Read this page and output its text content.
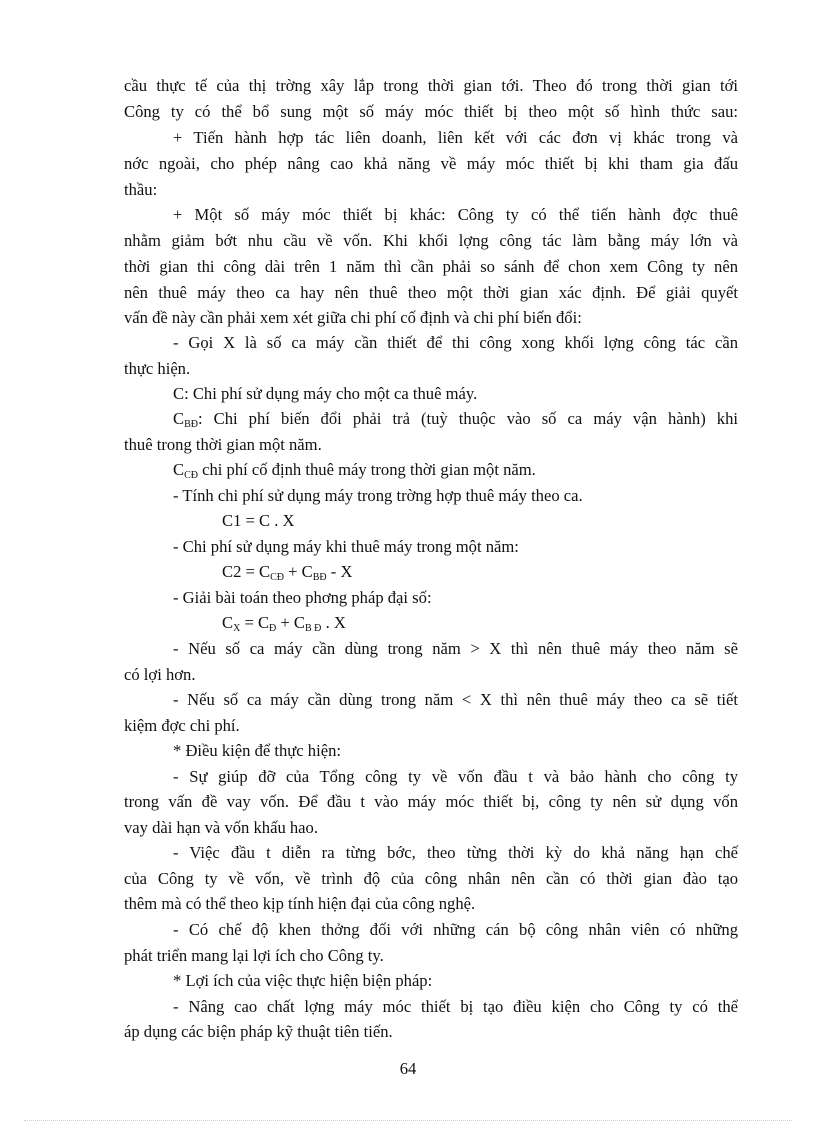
cầu thực tế của thị trờng xây lắp trong thời gian tới. Theo đó trong thời gian tới
Công ty có thể bổ sung một số máy móc thiết bị theo một số hình thức sau:
+ Tiến hành hợp tác liên doanh, liên kết với các đơn vị khác trong và
nớc ngoài, cho phép nâng cao khả năng về máy móc thiết bị khi tham gia đấu
thầu:
+ Một số máy móc thiết bị khác: Công ty có thể tiến hành đợc thuê
nhằm giảm bớt nhu cầu về vốn. Khi khối lợng công tác làm bằng máy lớn và
thời gian thi công dài trên 1 năm thì cần phải so sánh để chon xem Công ty nên
nên thuê máy theo ca hay nên thuê theo một thời gian xác định. Để giải quyết
vấn đề này cần phải xem xét giữa chi phí cố định và chi phí biến đổi:
- Gọi X là số ca máy cần thiết để thi công xong khối lợng công tác cần
thực hiện.
C: Chi phí sử dụng máy cho một ca thuê máy.
$C_{BĐ}$: Chi phí biến đổi phải trả (tuỳ thuộc vào số ca máy vận hành) khi
thuê trong thời gian một năm.
$C_{CĐ}$ chi phí cố định thuê máy trong thời gian một năm.
- Tính chi phí sử dụng máy trong trờng hợp thuê máy theo ca.
C1 = C . X
- Chi phí sử dụng máy khi thuê máy trong một năm:
$C2 = C_{CĐ} + C_{BĐ} - X$
- Giải bài toán theo phơng pháp đại số:
$C_X = C_Đ + C_{B Đ}$ . X
- Nếu số ca máy cần dùng trong năm > X thì nên thuê máy theo năm sẽ
có lợi hơn.
- Nếu số ca máy cần dùng trong năm < X thì nên thuê máy theo ca sẽ tiết
kiệm đợc chi phí.
* Điều kiện để thực hiện:
- Sự giúp đỡ của Tổng công ty về vốn đầu t và bảo hành cho công ty
trong vấn đề vay vốn. Để đầu t vào máy móc thiết bị, công ty nên sử dụng vốn
vay dài hạn và vốn khấu hao.
- Việc đầu t diễn ra từng bớc, theo từng thời kỳ do khả năng hạn chế
của Công ty về vốn, về trình độ của công nhân nên cần có thời gian đào tạo
thêm mà có thể theo kịp tính hiện đại của công nghệ.
- Có chế độ khen thởng đối với những cán bộ công nhân viên có những
phát triển mang lại lợi ích cho Công ty.
* Lợi ích của việc thực hiện biện pháp:
- Nâng cao chất lợng máy móc thiết bị tạo điều kiện cho Công ty có thể
áp dụng các biện pháp kỹ thuật tiên tiến.
64
